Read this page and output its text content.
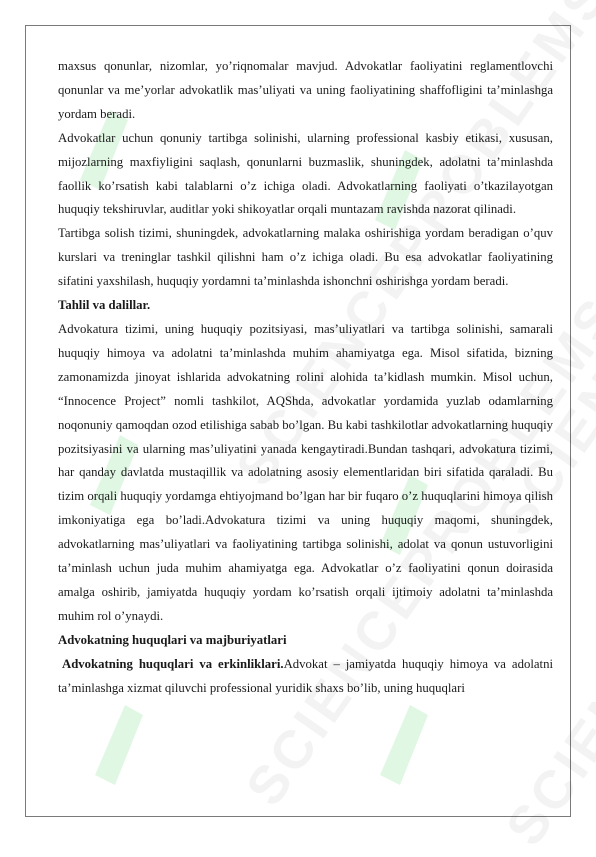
maxsus qonunlar, nizomlar, yo’riqnomalar mavjud. Advokatlar faoliyatini reglamentlovchi qonunlar va me’yorlar advokatlik mas’uliyati va uning faoliyatining shaffofligini ta’minlashga yordam beradi.

Advokatlar uchun qonuniy tartibga solinishi, ularning professional kasbiy etikasi, xususan, mijozlarning maxfiyligini saqlash, qonunlarni buzmaslik, shuningdek, adolatni ta’minlashda faollik ko’rsatish kabi talablarni o’z ichiga oladi. Advokatlarning faoliyati o’tkazilayotgan huquqiy tekshiruvlar, auditlar yoki shikoyatlar orqali muntazam ravishda nazorat qilinadi.

Tartibga solish tizimi, shuningdek, advokatlarning malaka oshirishiga yordam beradigan o’quv kurslari va treninglar tashkil qilishni ham o’z ichiga oladi. Bu esa advokatlar faoliyatining sifatini yaxshilash, huquqiy yordamni ta’minlashda ishonchni oshirishga yordam beradi.

Tahlil va dalillar.

Advokatura tizimi, uning huquqiy pozitsiyasi, mas’uliyatlari va tartibga solinishi, samarali huquqiy himoya va adolatni ta’minlashda muhim ahamiyatga ega. Misol sifatida, bizning zamonamizda jinoyat ishlarida advokatning rolini alohida ta’kidlash mumkin. Misol uchun, “Innocence Project” nomli tashkilot, AQShda, advokatlar yordamida yuzlab odamlarning noqonuniy qamoqdan ozod etilishiga sabab bo’lgan. Bu kabi tashkilotlar advokatlarning huquqiy pozitsiyasini va ularning mas’uliyatini yanada kengaytiradi.Bundan tashqari, advokatura tizimi, har qanday davlatda mustaqillik va adolatning asosiy elementlaridan biri sifatida qaraladi. Bu tizim orqali huquqiy yordamga ehtiyojmand bo’lgan har bir fuqaro o’z huquqlarini himoya qilish imkoniyatiga ega bo’ladi.Advokatura tizimi va uning huquqiy maqomi, shuningdek, advokatlarning mas’uliyatlari va faoliyatining tartibga solinishi, adolat va qonun ustuvorligini ta’minlash uchun juda muhim ahamiyatga ega. Advokatlar o’z faoliyatini qonun doirasida amalga oshirib, jamiyatda huquqiy yordam ko’rsatish orqali ijtimoiy adolatni ta’minlashda muhim rol o’ynaydi.

Advokatning huquqlari va majburiyatlari

Advokatning huquqlari va erkinliklari.Advokat – jamiyatda huquqiy himoya va adolatni ta’minlashga xizmat qiluvchi professional yuridik shaxs bo’lib, uning huquqlari
